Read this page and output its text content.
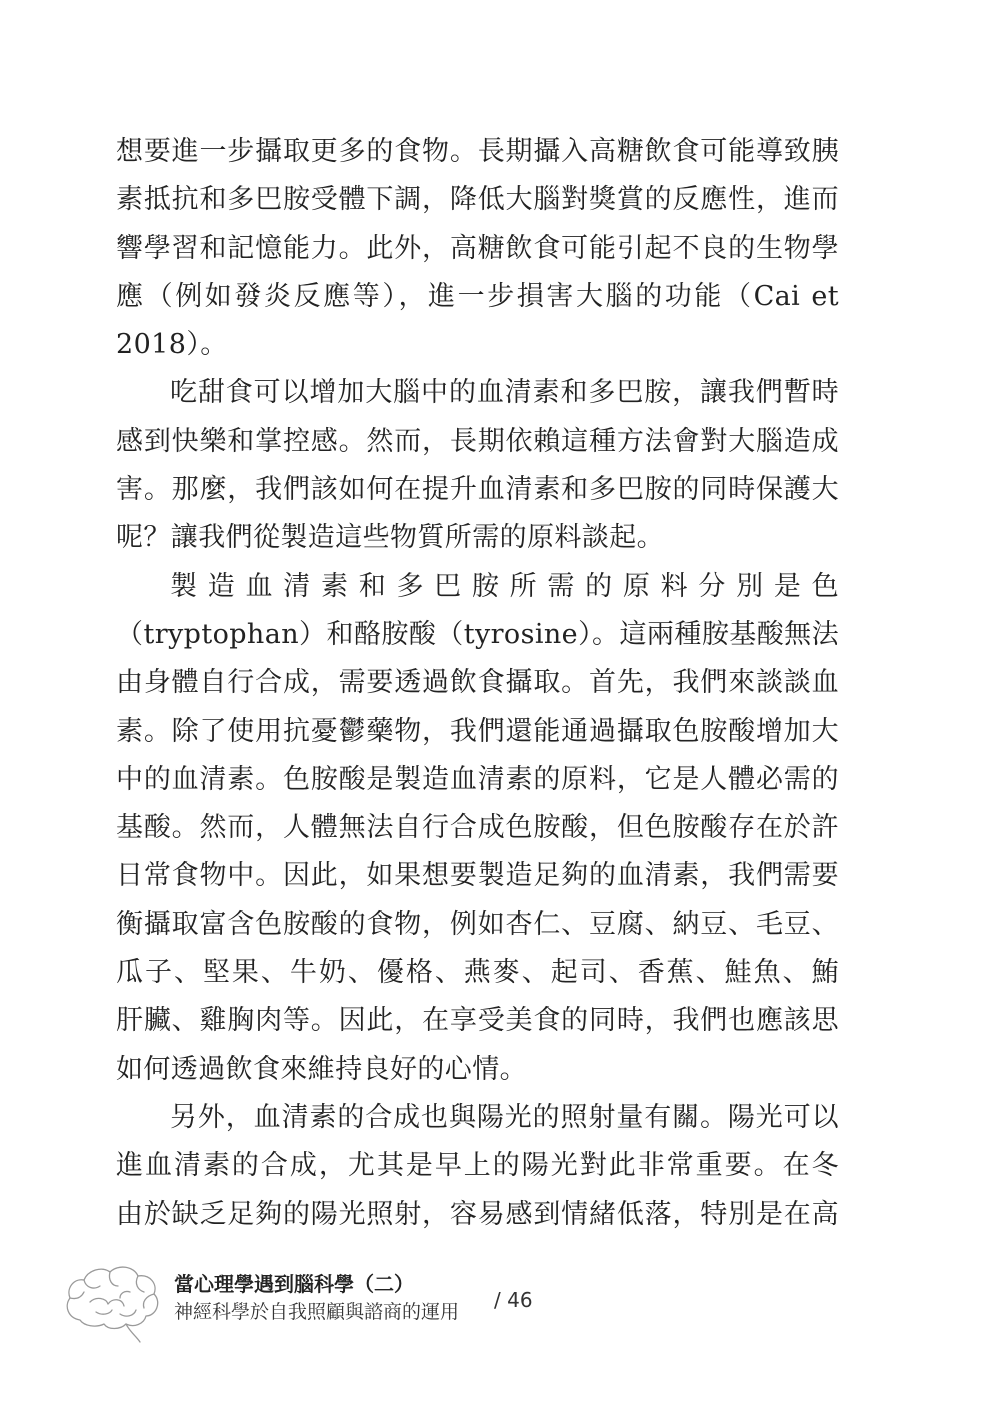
想要進一步攝取更多的食物。長期攝入高糖飲食可能導致胰
素抵抗和多巴胺受體下調，降低大腦對獎賞的反應性，進而
響學習和記憶能力。此外，高糖飲食可能引起不良的生物學
應（例如發炎反應等），進一步損害大腦的功能（Cai et
2018）。
吃甜食可以增加大腦中的血清素和多巴胺，讓我們暫時
感到快樂和掌控感。然而，長期依賴這種方法會對大腦造成
害。那麼，我們該如何在提升血清素和多巴胺的同時保護大
呢？讓我們從製造這些物質所需的原料談起。
製 造 血 清 素 和 多 巴 胺 所 需 的 原 料 分 別 是 色
（tryptophan）和酪胺酸（tyrosine）。這兩種胺基酸無法
由身體自行合成，需要透過飲食攝取。首先，我們來談談血
素。除了使用抗憂鬱藥物，我們還能通過攝取色胺酸增加大
中的血清素。色胺酸是製造血清素的原料，它是人體必需的
基酸。然而，人體無法自行合成色胺酸，但色胺酸存在於許
日常食物中。因此，如果想要製造足夠的血清素，我們需要
衡攝取富含色胺酸的食物，例如杏仁、豆腐、納豆、毛豆、
瓜子、堅果、牛奶、優格、燕麥、起司、香蕉、鮭魚、鮪
肝臟、雞胸肉等。因此，在享受美食的同時，我們也應該思
如何透過飲食來維持良好的心情。
另外，血清素的合成也與陽光的照射量有關。陽光可以
進血清素的合成，尤其是早上的陽光對此非常重要。在冬
由於缺乏足夠的陽光照射，容易感到情緒低落，特別是在高
當心理學遇到腦科學（二）
神經科學於自我照顧與諮商的運用 / 46
